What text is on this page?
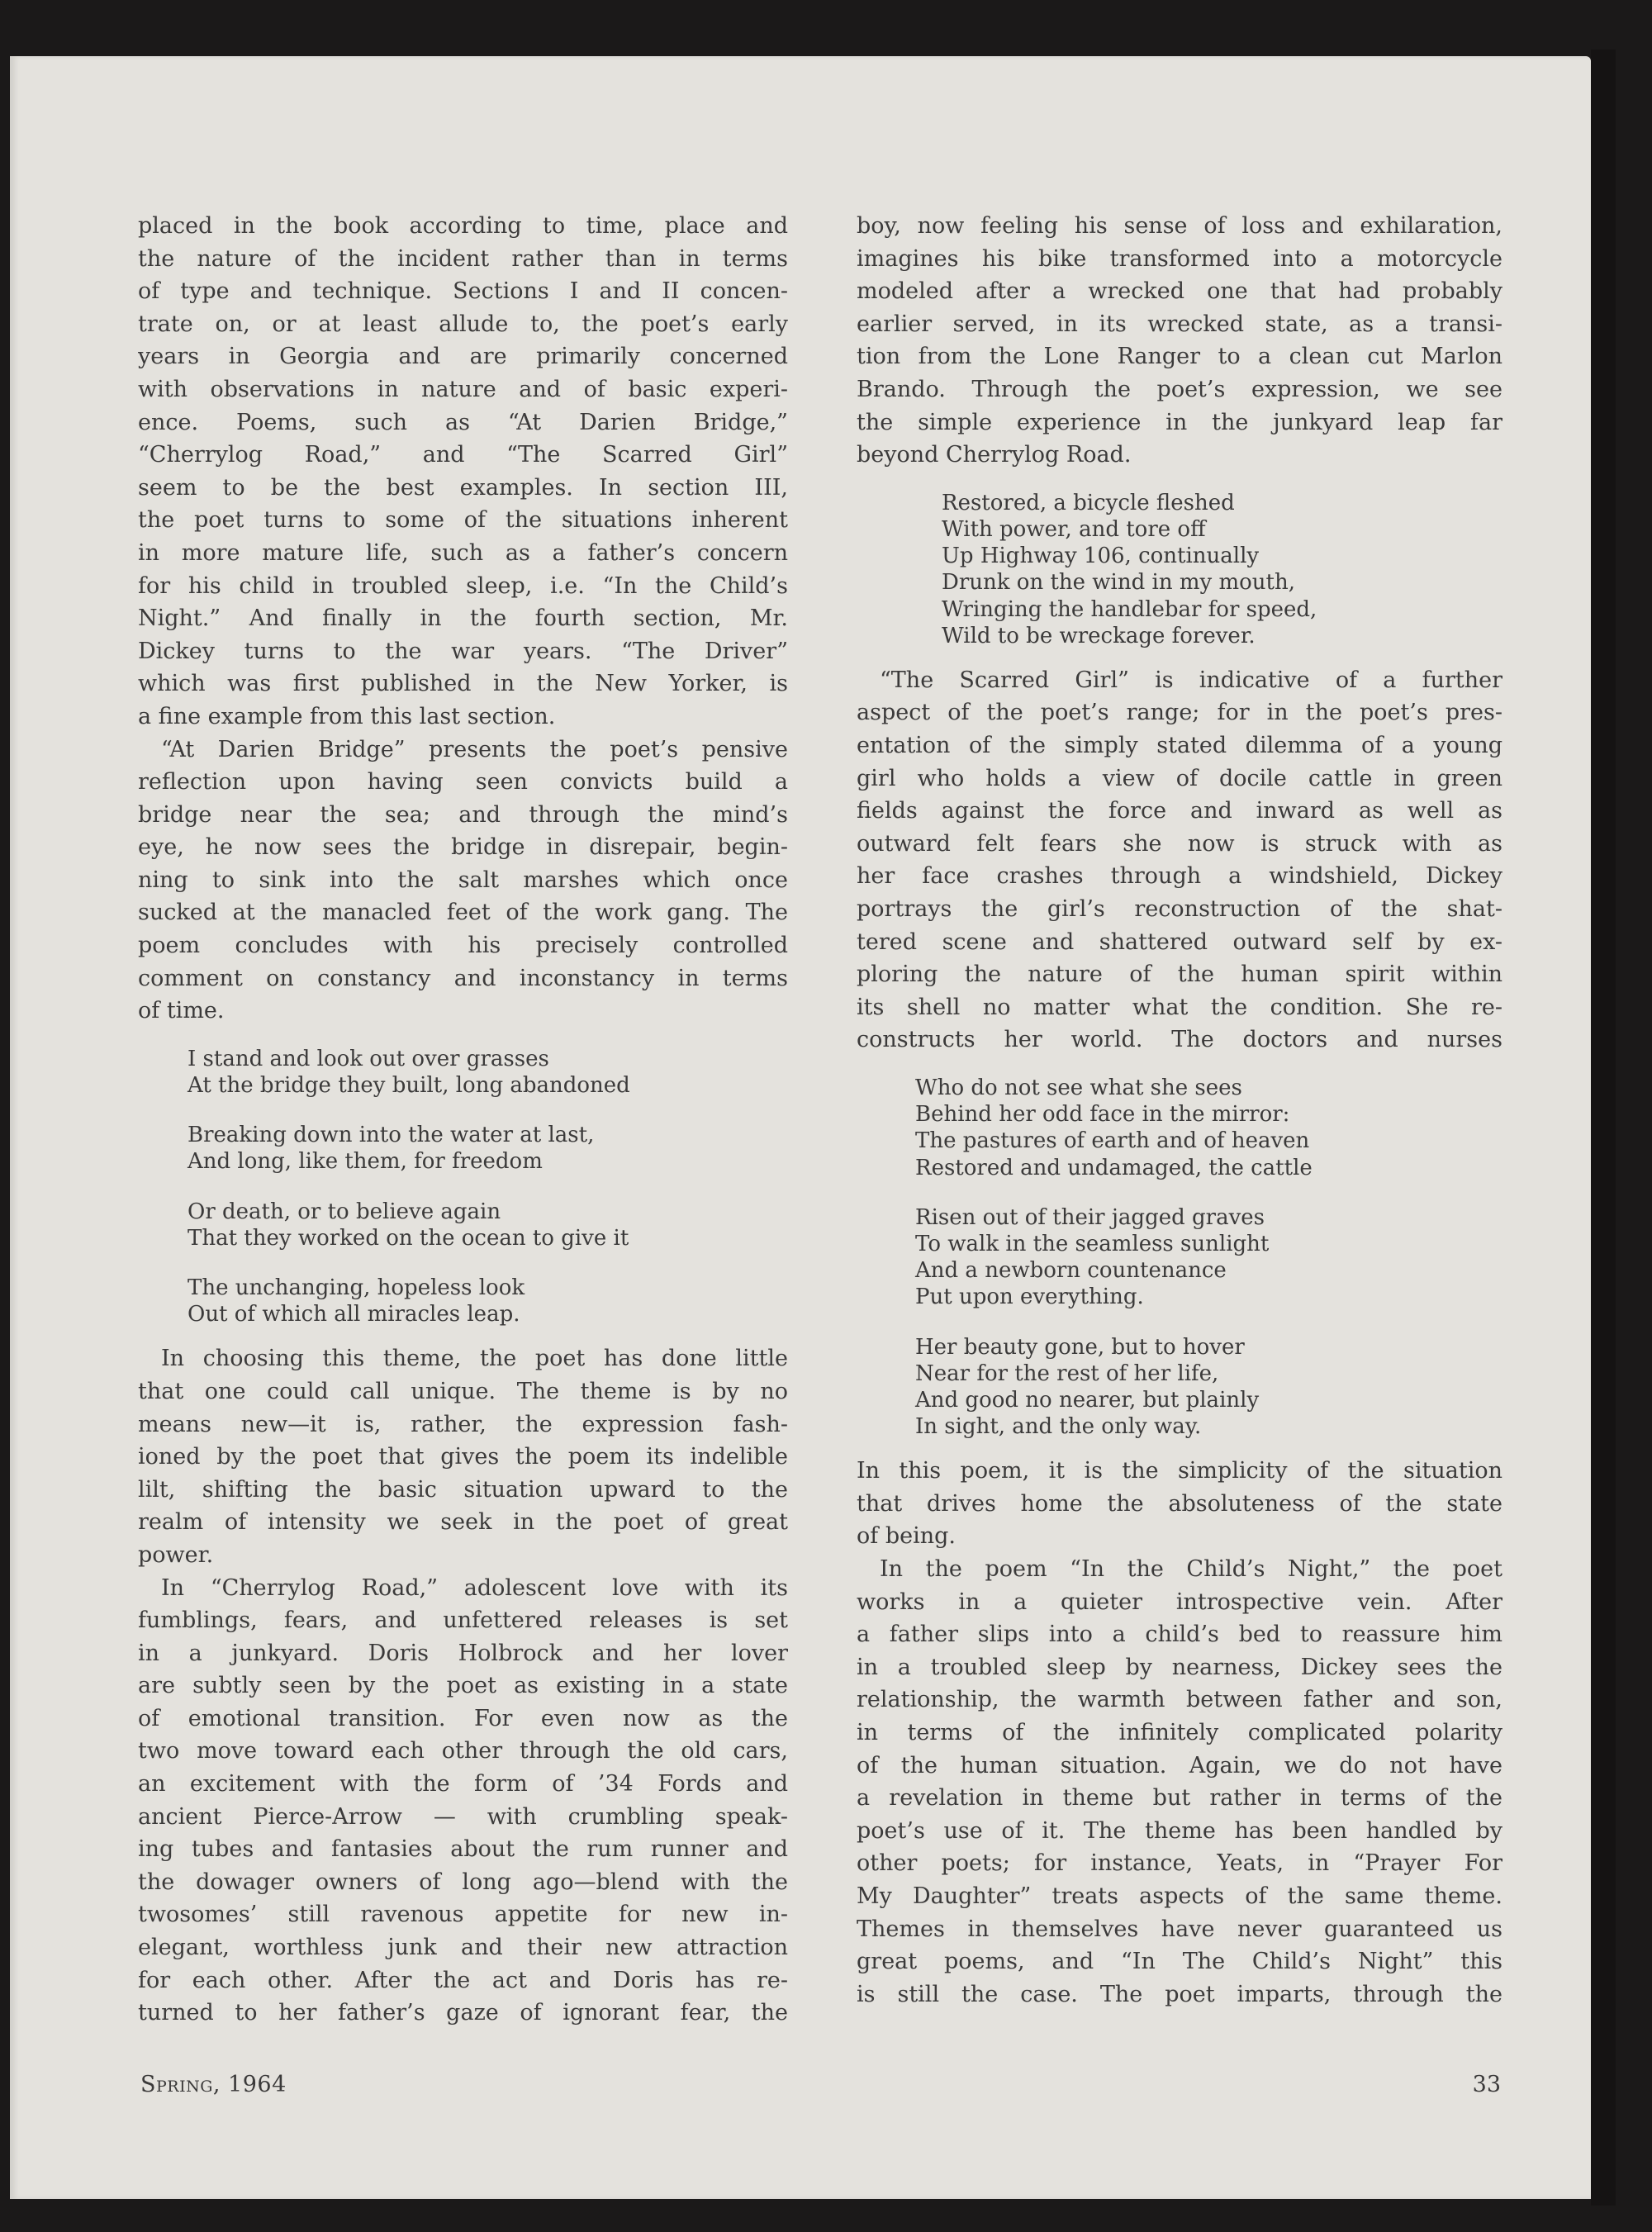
placed in the book according to time, place and
the nature of the incident rather than in terms
of type and technique. Sections I and II concen-
trate on, or at least allude to, the poet’s early
years in Georgia and are primarily concerned
with observations in nature and of basic experi-
ence. Poems, such as “At Darien Bridge,”
“Cherrylog Road,” and “The Scarred Girl”
seem to be the best examples. In section III,
the poet turns to some of the situations inherent
in more mature life, such as a father’s concern
for his child in troubled sleep, i.e. “In the Child’s
Night.” And finally in the fourth section, Mr.
Dickey turns to the war years. “The Driver”
which was first published in the New Yorker, is
a fine example from this last section.
“At Darien Bridge” presents the poet’s pensive
reflection upon having seen convicts build a
bridge near the sea; and through the mind’s
eye, he now sees the bridge in disrepair, begin-
ning to sink into the salt marshes which once
sucked at the manacled feet of the work gang. The
poem concludes with his precisely controlled
comment on constancy and inconstancy in terms
of time.
I stand and look out over grasses
At the bridge they built, long abandoned
Breaking down into the water at last,
And long, like them, for freedom
Or death, or to believe again
That they worked on the ocean to give it
The unchanging, hopeless look
Out of which all miracles leap.
In choosing this theme, the poet has done little
that one could call unique. The theme is by no
means new—it is, rather, the expression fash-
ioned by the poet that gives the poem its indelible
lilt, shifting the basic situation upward to the
realm of intensity we seek in the poet of great
power.
In “Cherrylog Road,” adolescent love with its
fumblings, fears, and unfettered releases is set
in a junkyard. Doris Holbrock and her lover
are subtly seen by the poet as existing in a state
of emotional transition. For even now as the
two move toward each other through the old cars,
an excitement with the form of ’34 Fords and
ancient Pierce-Arrow — with crumbling speak-
ing tubes and fantasies about the rum runner and
the dowager owners of long ago—blend with the
twosomes’ still ravenous appetite for new in-
elegant, worthless junk and their new attraction
for each other. After the act and Doris has re-
turned to her father’s gaze of ignorant fear, the
boy, now feeling his sense of loss and exhilaration,
imagines his bike transformed into a motorcycle
modeled after a wrecked one that had probably
earlier served, in its wrecked state, as a transi-
tion from the Lone Ranger to a clean cut Marlon
Brando. Through the poet’s expression, we see
the simple experience in the junkyard leap far
beyond Cherrylog Road.
Restored, a bicycle fleshed
With power, and tore off
Up Highway 106, continually
Drunk on the wind in my mouth,
Wringing the handlebar for speed,
Wild to be wreckage forever.
“The Scarred Girl” is indicative of a further
aspect of the poet’s range; for in the poet’s pres-
entation of the simply stated dilemma of a young
girl who holds a view of docile cattle in green
fields against the force and inward as well as
outward felt fears she now is struck with as
her face crashes through a windshield, Dickey
portrays the girl’s reconstruction of the shat-
tered scene and shattered outward self by ex-
ploring the nature of the human spirit within
its shell no matter what the condition. She re-
constructs her world. The doctors and nurses
Who do not see what she sees
Behind her odd face in the mirror:
The pastures of earth and of heaven
Restored and undamaged, the cattle
Risen out of their jagged graves
To walk in the seamless sunlight
And a newborn countenance
Put upon everything.
Her beauty gone, but to hover
Near for the rest of her life,
And good no nearer, but plainly
In sight, and the only way.
In this poem, it is the simplicity of the situation
that drives home the absoluteness of the state
of being.
In the poem “In the Child’s Night,” the poet
works in a quieter introspective vein. After
a father slips into a child’s bed to reassure him
in a troubled sleep by nearness, Dickey sees the
relationship, the warmth between father and son,
in terms of the infinitely complicated polarity
of the human situation. Again, we do not have
a revelation in theme but rather in terms of the
poet’s use of it. The theme has been handled by
other poets; for instance, Yeats, in “Prayer For
My Daughter” treats aspects of the same theme.
Themes in themselves have never guaranteed us
great poems, and “In The Child’s Night” this
is still the case. The poet imparts, through the
Spring, 1964	33
